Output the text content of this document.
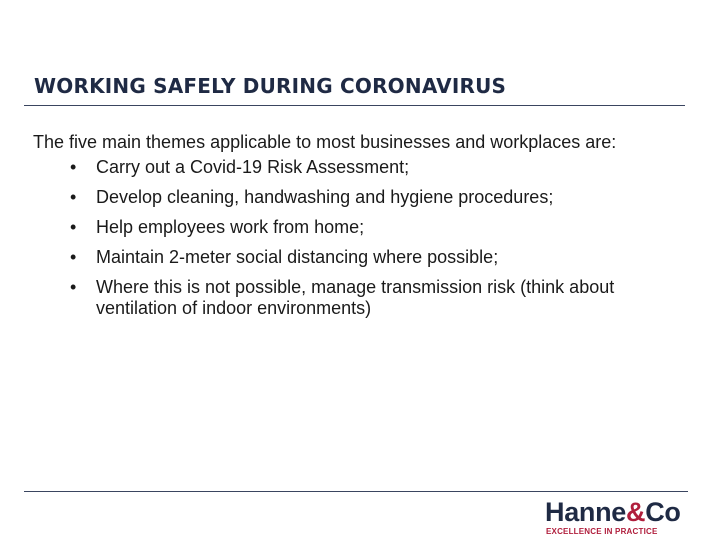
WORKING SAFELY DURING CORONAVIRUS

The five main themes applicable to most businesses and workplaces are:

• Carry out a Covid-19 Risk Assessment;
• Develop cleaning, handwashing and hygiene procedures;
• Help employees work from home;
• Maintain 2-meter social distancing where possible;
• Where this is not possible, manage transmission risk (think about ventilation of indoor environments)
Hanne&Co
EXCELLENCE IN PRACTICE
